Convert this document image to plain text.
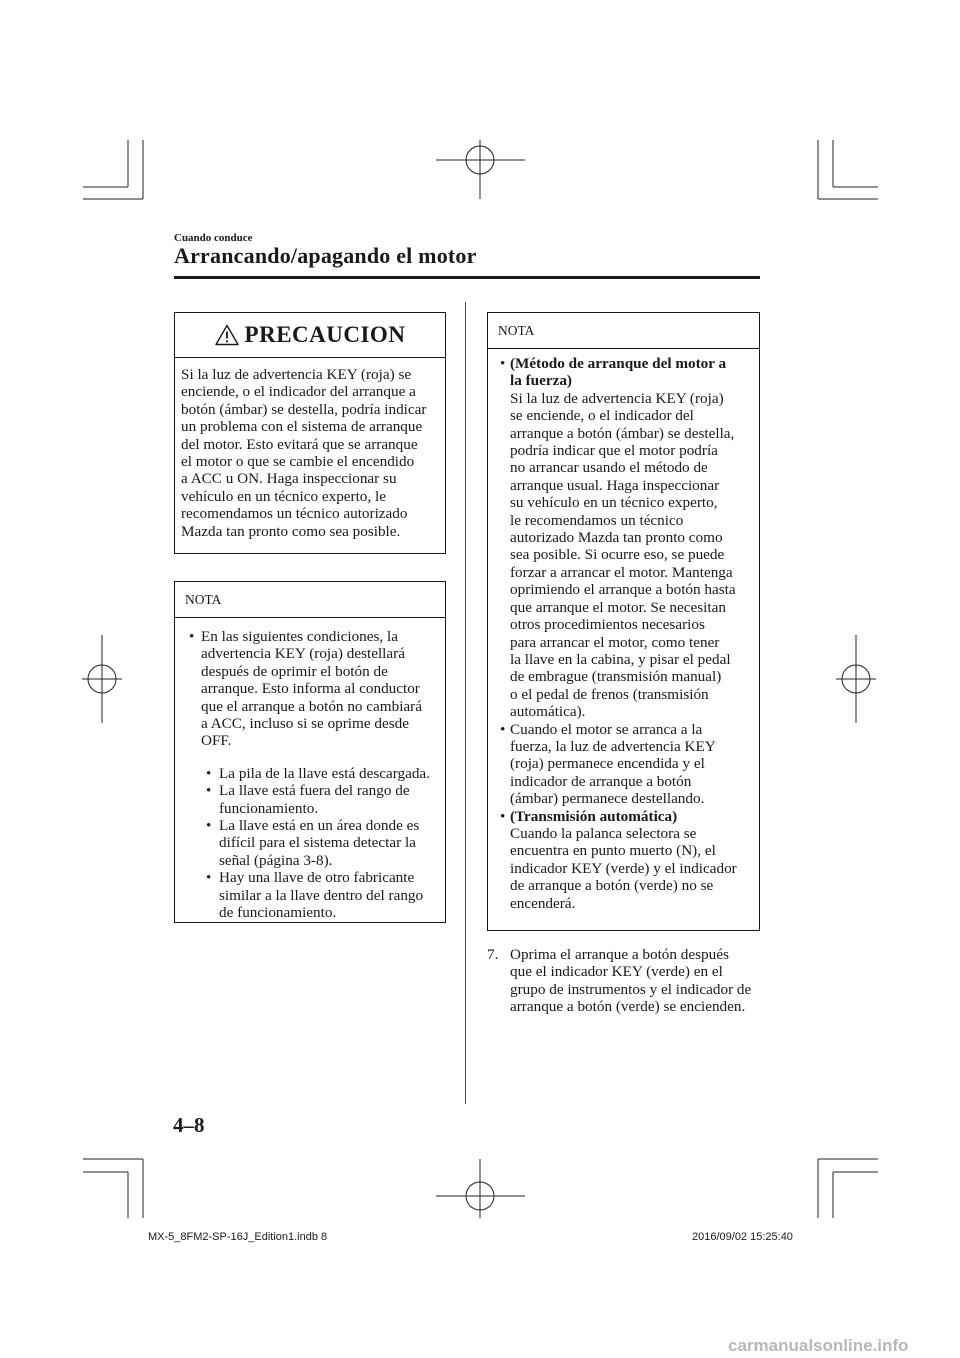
Cuando conduce
Arrancando/apagando el motor
PRECAUCION
Si la luz de advertencia KEY (roja) se
enciende, o el indicador del arranque a
botón (ámbar) se destella, podría indicar
un problema con el sistema de arranque
del motor. Esto evitará que se arranque
el motor o que se cambie el encendido
a ACC u ON. Haga inspeccionar su
vehículo en un técnico experto, le
recomendamos un técnico autorizado
Mazda tan pronto como sea posible.
NOTA
• En las siguientes condiciones, la
advertencia KEY (roja) destellará
después de oprimir el botón de
arranque. Esto informa al conductor
que el arranque a botón no cambiará
a ACC, incluso si se oprime desde
OFF.
• La pila de la llave está descargada.
• La llave está fuera del rango de
funcionamiento.
• La llave está en un área donde es
difícil para el sistema detectar la
señal (página 3-8).
• Hay una llave de otro fabricante
similar a la llave dentro del rango
de funcionamiento.
NOTA
• (Método de arranque del motor a
la fuerza)
Si la luz de advertencia KEY (roja)
se enciende, o el indicador del
arranque a botón (ámbar) se destella,
podría indicar que el motor podría
no arrancar usando el método de
arranque usual. Haga inspeccionar
su vehículo en un técnico experto,
le recomendamos un técnico
autorizado Mazda tan pronto como
sea posible. Si ocurre eso, se puede
forzar a arrancar el motor. Mantenga
oprimiendo el arranque a botón hasta
que arranque el motor. Se necesitan
otros procedimientos necesarios
para arrancar el motor, como tener
la llave en la cabina, y pisar el pedal
de embrague (transmisión manual)
o el pedal de frenos (transmisión
automática).
• Cuando el motor se arranca a la
fuerza, la luz de advertencia KEY
(roja) permanece encendida y el
indicador de arranque a botón
(ámbar) permanece destellando.
• (Transmisión automática)
Cuando la palanca selectora se
encuentra en punto muerto (N), el
indicador KEY (verde) y el indicador
de arranque a botón (verde) no se
encenderá.
7. Oprima el arranque a botón después
que el indicador KEY (verde) en el
grupo de instrumentos y el indicador de
arranque a botón (verde) se encienden.
4–8
MX-5_8FM2-SP-16J_Edition1.indb 8	2016/09/02 15:25:40
carmanualsonline.info
